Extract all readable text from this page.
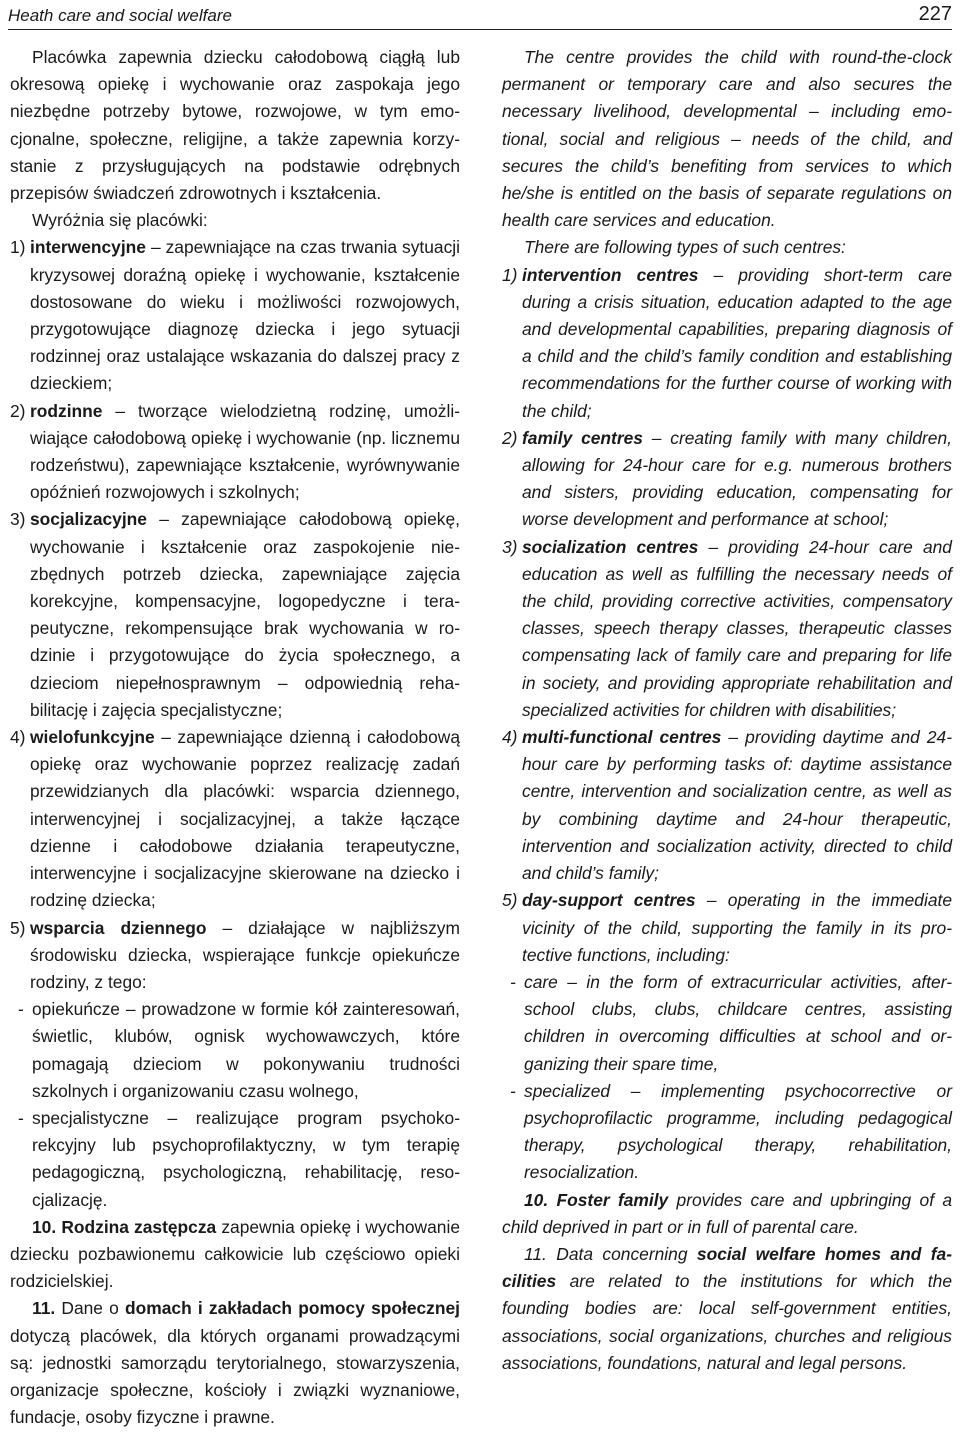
Heath care and social welfare	227

Placówka zapewnia dziecku całodobową ciągłą lub okresową opiekę i wychowanie oraz zaspokaja jego niezbędne potrzeby bytowe, rozwojowe, w tym emocjonalne, społeczne, religijne, a także zapewnia korzystanie z przysługujących na podstawie odrębnych przepisów świadczeń zdrowotnych i kształcenia.

Wyróżnia się placówki:

1) interwencyjne – zapewniające na czas trwania sytuacji kryzysowej doraźną opiekę i wychowanie, kształcenie dostosowane do wieku i możliwości rozwojowych, przygotowujące diagnozę dziecka i jego sytuacji rodzinnej oraz ustalające wskazania do dalszej pracy z dzieckiem;

2) rodzinne – tworzące wielodzietną rodzinę, umożliwiające całodobową opiekę i wychowanie (np. licznemu rodzeństwu), zapewniające kształcenie, wyrównywanie opóźnień rozwojowych i szkolnych;

3) socjalizacyjne – zapewniające całodobową opiekę, wychowanie i kształcenie oraz zaspokojenie niezbędnych potrzeb dziecka, zapewniające zajęcia korekcyjne, kompensacyjne, logopedyczne i terapeutyczne, rekompensujące brak wychowania w rodzinie i przygotowujące do życia społecznego, a dzieciom niepełnosprawnym – odpowiednią rehabilitację i zajęcia specjalistyczne;

4) wielofunkcyjne – zapewniające dzienną i całodobową opiekę oraz wychowanie poprzez realizację zadań przewidzianych dla placówki: wsparcia dziennego, interwencyjnej i socjalizacyjnej, a także łączące dzienne i całodobowe działania terapeutyczne, interwencyjne i socjalizacyjne skierowane na dziecko i rodzinę dziecka;

5) wsparcia dziennego – działające w najbliższym środowisku dziecka, wspierające funkcje opiekuńcze rodziny, z tego:

- opiekuńcze – prowadzone w formie kół zainteresowań, świetlic, klubów, ognisk wychowawczych, które pomagają dzieciom w pokonywaniu trudności szkolnych i organizowaniu czasu wolnego,

- specjalistyczne – realizujące program psychokorekcyjny lub psychoprofilaktyczny, w tym terapię pedagogiczną, psychologiczną, rehabilitację, resocjalizację.

10. Rodzina zastępcza zapewnia opiekę i wychowanie dziecku pozbawionemu całkowicie lub częściowo opieki rodzicielskiej.

11. Dane o domach i zakładach pomocy społecznej dotyczą placówek, dla których organami prowadzącymi są: jednostki samorządu terytorialnego, stowarzyszenia, organizacje społeczne, kościoły i związki wyznaniowe, fundacje, osoby fizyczne i prawne.

The centre provides the child with round-the-clock permanent or temporary care and also secures the necessary livelihood, developmental – including emotional, social and religious – needs of the child, and secures the child’s benefiting from services to which he/she is entitled on the basis of separate regulations on health care services and education.

There are following types of such centres:

1) intervention centres – providing short-term care during a crisis situation, education adapted to the age and developmental capabilities, preparing diagnosis of a child and the child’s family condition and establishing recommendations for the further course of working with the child;

2) family centres – creating family with many children, allowing for 24-hour care for e.g. numerous brothers and sisters, providing education, compensating for worse development and performance at school;

3) socialization centres – providing 24-hour care and education as well as fulfilling the necessary needs of the child, providing corrective activities, compensatory classes, speech therapy classes, therapeutic classes compensating lack of family care and preparing for life in society, and providing appropriate rehabilitation and specialized activities for children with disabilities;

4) multi-functional centres – providing daytime and 24-hour care by performing tasks of: daytime assistance centre, intervention and socialization centre, as well as by combining daytime and 24-hour therapeutic, intervention and socialization activity, directed to child and child’s family;

5) day-support centres – operating in the immediate vicinity of the child, supporting the family in its protective functions, including:

- care – in the form of extracurricular activities, after-school clubs, clubs, childcare centres, assisting children in overcoming difficulties at school and organizing their spare time,

- specialized – implementing psychocorrective or psychoprofilactic programme, including pedagogical therapy, psychological therapy, rehabilitation, resocialization.

10. Foster family provides care and upbringing of a child deprived in part or in full of parental care.

11. Data concerning social welfare homes and facilities are related to the institutions for which the founding bodies are: local self-government entities, associations, social organizations, churches and religious associations, foundations, natural and legal persons.
